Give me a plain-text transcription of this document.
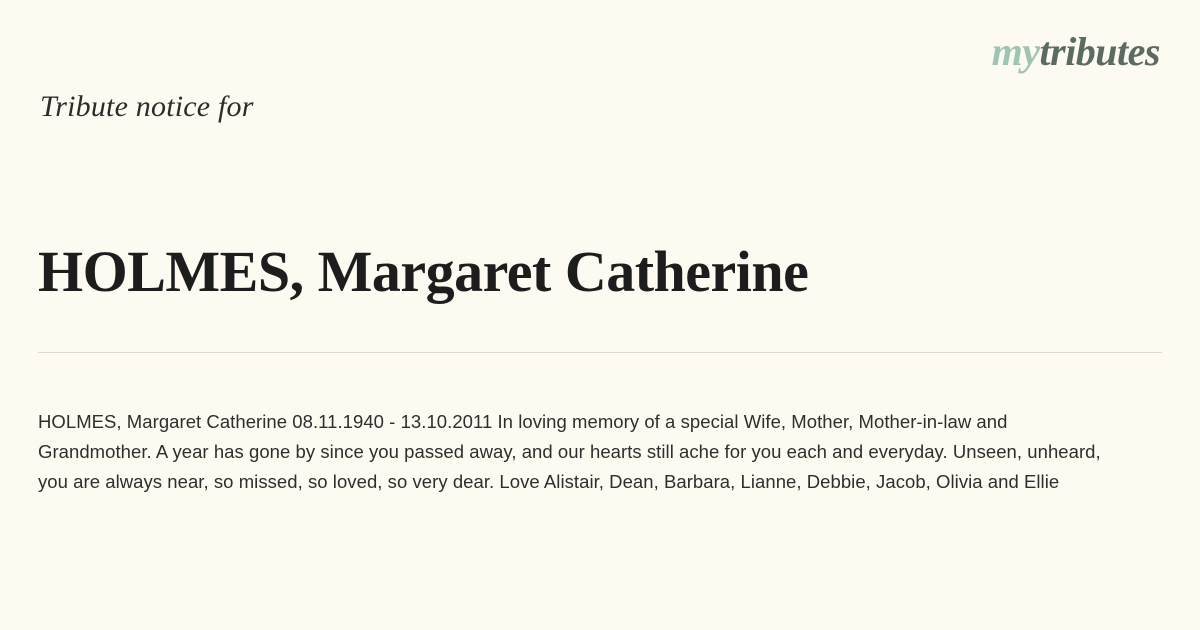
mytributes
Tribute notice for
HOLMES, Margaret Catherine

HOLMES, Margaret Catherine 08.11.1940 - 13.10.2011 In loving memory of a special Wife, Mother, Mother-in-law and Grandmother. A year has gone by since you passed away, and our hearts still ache for you each and everyday. Unseen, unheard, you are always near, so missed, so loved, so very dear. Love Alistair, Dean, Barbara, Lianne, Debbie, Jacob, Olivia and Ellie
